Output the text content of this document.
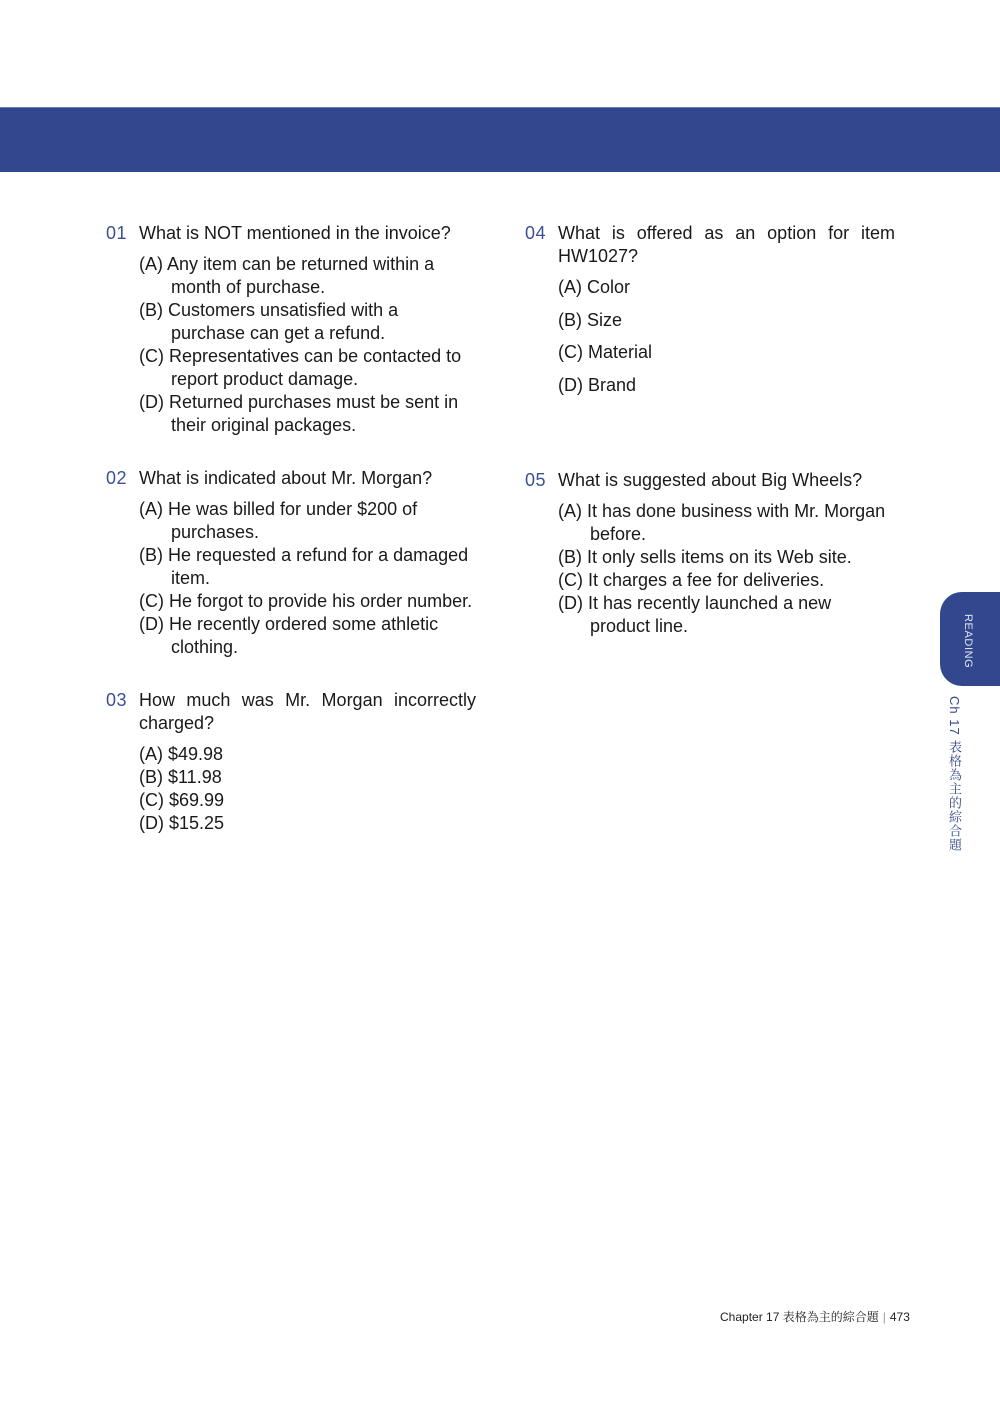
01 What is NOT mentioned in the invoice?
(A) Any item can be returned within a month of purchase.
(B) Customers unsatisfied with a purchase can get a refund.
(C) Representatives can be contacted to report product damage.
(D) Returned purchases must be sent in their original packages.
02 What is indicated about Mr. Morgan?
(A) He was billed for under $200 of purchases.
(B) He requested a refund for a damaged item.
(C) He forgot to provide his order number.
(D) He recently ordered some athletic clothing.
03 How much was Mr. Morgan incorrectly charged?
(A) $49.98
(B) $11.98
(C) $69.99
(D) $15.25
04 What is offered as an option for item HW1027?
(A) Color
(B) Size
(C) Material
(D) Brand
05 What is suggested about Big Wheels?
(A) It has done business with Mr. Morgan before.
(B) It only sells items on its Web site.
(C) It charges a fee for deliveries.
(D) It has recently launched a new product line.	READING
Ch 17 表格為主的綜合題
Chapter 17 表格為主的綜合題 | 473
